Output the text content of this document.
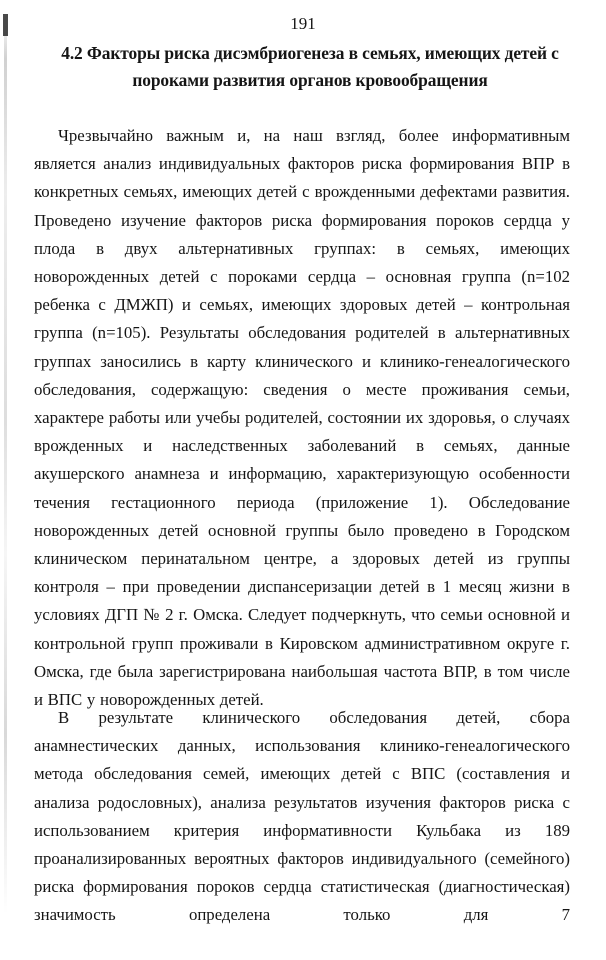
191
4.2 Факторы риска дисэмбриогенеза в семьях, имеющих детей с пороками развития органов кровообращения

Чрезвычайно важным и, на наш взгляд, более информативным является анализ индивидуальных факторов риска формирования ВПР в конкретных семьях, имеющих детей с врожденными дефектами развития. Проведено изучение факторов риска формирования пороков сердца у плода в двух альтернативных группах: в семьях, имеющих новорожденных детей с пороками сердца – основная группа (n=102 ребенка с ДМЖП) и семьях, имеющих здоровых детей – контрольная группа (n=105). Результаты обследования родителей в альтернативных группах заносились в карту клинического и клинико-генеалогического обследования, содержащую: сведения о месте проживания семьи, характере работы или учебы родителей, состоянии их здоровья, о случаях врожденных и наследственных заболеваний в семьях, данные акушерского анамнеза и информацию, характеризующую особенности течения гестационного периода (приложение 1). Обследование новорожденных детей основной группы было проведено в Городском клиническом перинатальном центре, а здоровых детей из группы контроля – при проведении диспансеризации детей в 1 месяц жизни в условиях ДГП № 2 г. Омска. Следует подчеркнуть, что семьи основной и контрольной групп проживали в Кировском административном округе г. Омска, где была зарегистрирована наибольшая частота ВПР, в том числе и ВПС у новорожденных детей.

В результате клинического обследования детей, сбора анамнестических данных, использования клинико-генеалогического метода обследования семей, имеющих детей с ВПС (составления и анализа родословных), анализа результатов изучения факторов риска с использованием критерия информативности Кульбака из 189 проанализированных вероятных факторов индивидуального (семейного) риска формирования пороков сердца статистическая (диагностическая) значимость определена только для 7
